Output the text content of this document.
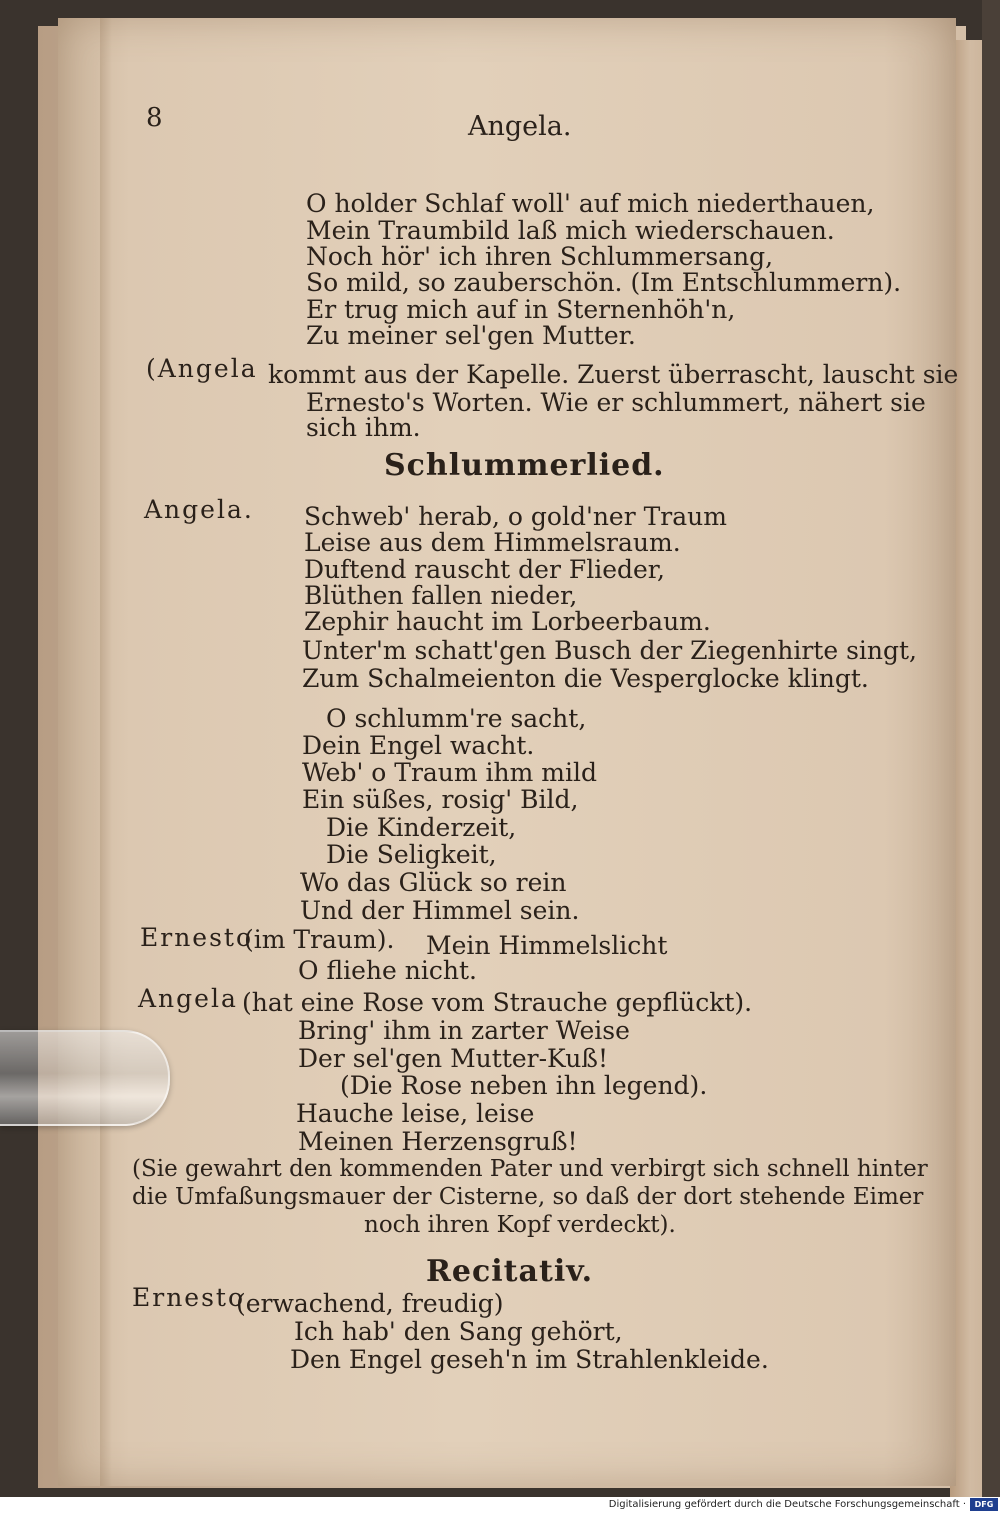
8	Angela.
O holder Schlaf woll' auf mich niederthauen,
Mein Traumbild laß mich wiederschauen.
Noch hör' ich ihren Schlummersang,
So mild, so zauberschön. (Im Entschlummern).
Er trug mich auf in Sternenhöh'n,
Zu meiner sel'gen Mutter.
(Angela kommt aus der Kapelle. Zuerst überrascht, lauscht sie
Ernesto's Worten. Wie er schlummert, nähert sie
sich ihm.
Schlummerlied.
Angela. Schweb' herab, o gold'ner Traum
Leise aus dem Himmelsraum.
Duftend rauscht der Flieder,
Blüthen fallen nieder,
Zephir haucht im Lorbeerbaum.
Unter'm schatt'gen Busch der Ziegenhirte singt,
Zum Schalmeienton die Vesperglocke klingt.
O schlumm're sacht,
Dein Engel wacht.
Web' o Traum ihm mild
Ein süßes, rosig' Bild,
Die Kinderzeit,
Die Seligkeit,
Wo das Glück so rein
Und der Himmel sein.
Ernesto
(im Traum). Mein Himmelslicht
O fliehe nicht.
Angela (hat eine Rose vom Strauche gepflückt).
Bring' ihm in zarter Weise
Der sel'gen Mutter-Kuß!
(Die Rose neben ihn legend).
Hauche leise, leise
Meinen Herzensgruß!
(Sie gewahrt den kommenden Pater und verbirgt sich schnell hinter
die Umfaßungsmauer der Cisterne, so daß der dort stehende Eimer
noch ihren Kopf verdeckt).
Recitativ.
Ernesto
(erwachend, freudig)
Ich hab' den Sang gehört,
Den Engel geseh'n im Strahlenkleide.
Digitalisierung gefördert durch die Deutsche Forschungsgemeinschaft ·	DFG
